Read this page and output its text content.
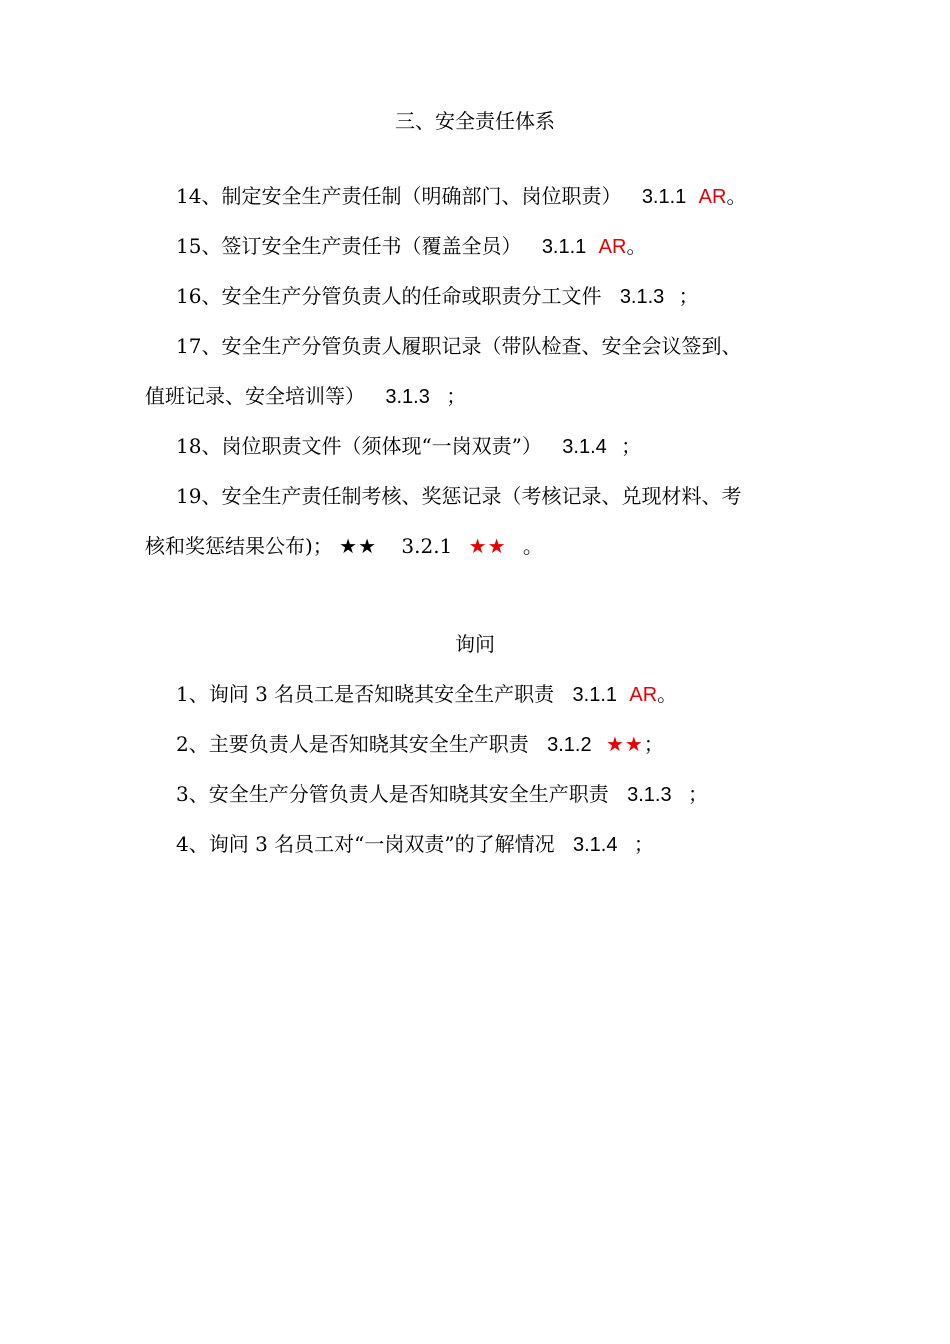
三、安全责任体系
14、制定安全生产责任制（明确部门、岗位职责） 3.1.1 AR。
15、签订安全生产责任书（覆盖全员） 3.1.1 AR。
16、安全生产分管负责人的任命或职责分工文件 3.1.3 ；
17、安全生产分管负责人履职记录（带队检查、安全会议签到、
值班记录、安全培训等） 3.1.3 ；
18、岗位职责文件（须体现“一岗双责”） 3.1.4 ；
19、安全生产责任制考核、奖惩记录（考核记录、兑现材料、考
核和奖惩结果公布)； ★★ 3.2.1 ★★ 。
询问
1、询问 3 名员工是否知晓其安全生产职责 3.1.1 AR。
2、主要负责人是否知晓其安全生产职责 3.1.2 ★★；
3、安全生产分管负责人是否知晓其安全生产职责 3.1.3 ；
4、询问 3 名员工对“一岗双责”的了解情况 3.1.4 ；
